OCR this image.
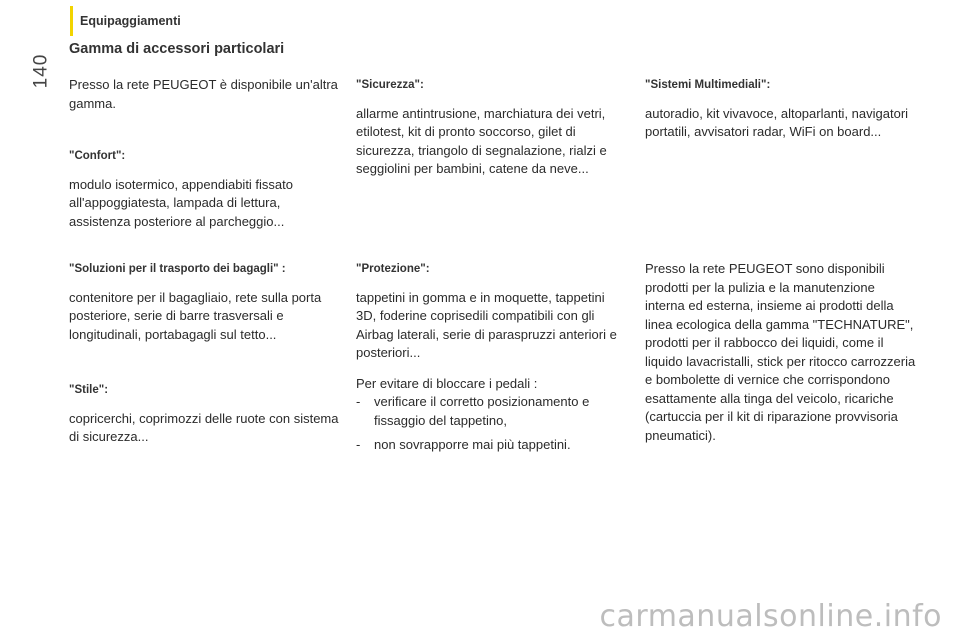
Equipaggiamenti
140
Gamma di accessori particolari

Presso la rete PEUGEOT è disponibile un'altra gamma.

"Confort":

modulo isotermico, appendiabiti fissato all'appoggiatesta, lampada di lettura, assistenza posteriore al parcheggio...

"Soluzioni per il trasporto dei bagagli" :

contenitore per il bagagliaio, rete sulla porta posteriore, serie di barre trasversali e longitudinali, portabagagli sul tetto...

"Stile":

copricerchi, coprimozzi delle ruote con sistema di sicurezza...

"Sicurezza":

allarme antintrusione, marchiatura dei vetri, etilotest, kit di pronto soccorso, gilet di sicurezza, triangolo di segnalazione, rialzi e seggiolini per bambini, catene da neve...

"Protezione":

tappetini in gomma e in moquette, tappetini 3D, foderine coprisedili compatibili con gli Airbag laterali, serie di paraspruzzi anteriori e posteriori...

Per evitare di bloccare i pedali :

- verificare il corretto posizionamento e fissaggio del tappetino,

- non sovrapporre mai più tappetini.

"Sistemi Multimediali":

autoradio, kit vivavoce, altoparlanti, navigatori portatili, avvisatori radar, WiFi on board...

Presso la rete PEUGEOT sono disponibili prodotti per la pulizia e la manutenzione interna ed esterna, insieme ai prodotti della linea ecologica della gamma "TECHNATURE", prodotti per il rabbocco dei liquidi, come il liquido lavacristalli, stick per ritocco carrozzeria e bombolette di vernice che corrispondono esattamente alla tinga del veicolo, ricariche (cartuccia per il kit di riparazione provvisoria pneumatici).

carmanualsonline.info
